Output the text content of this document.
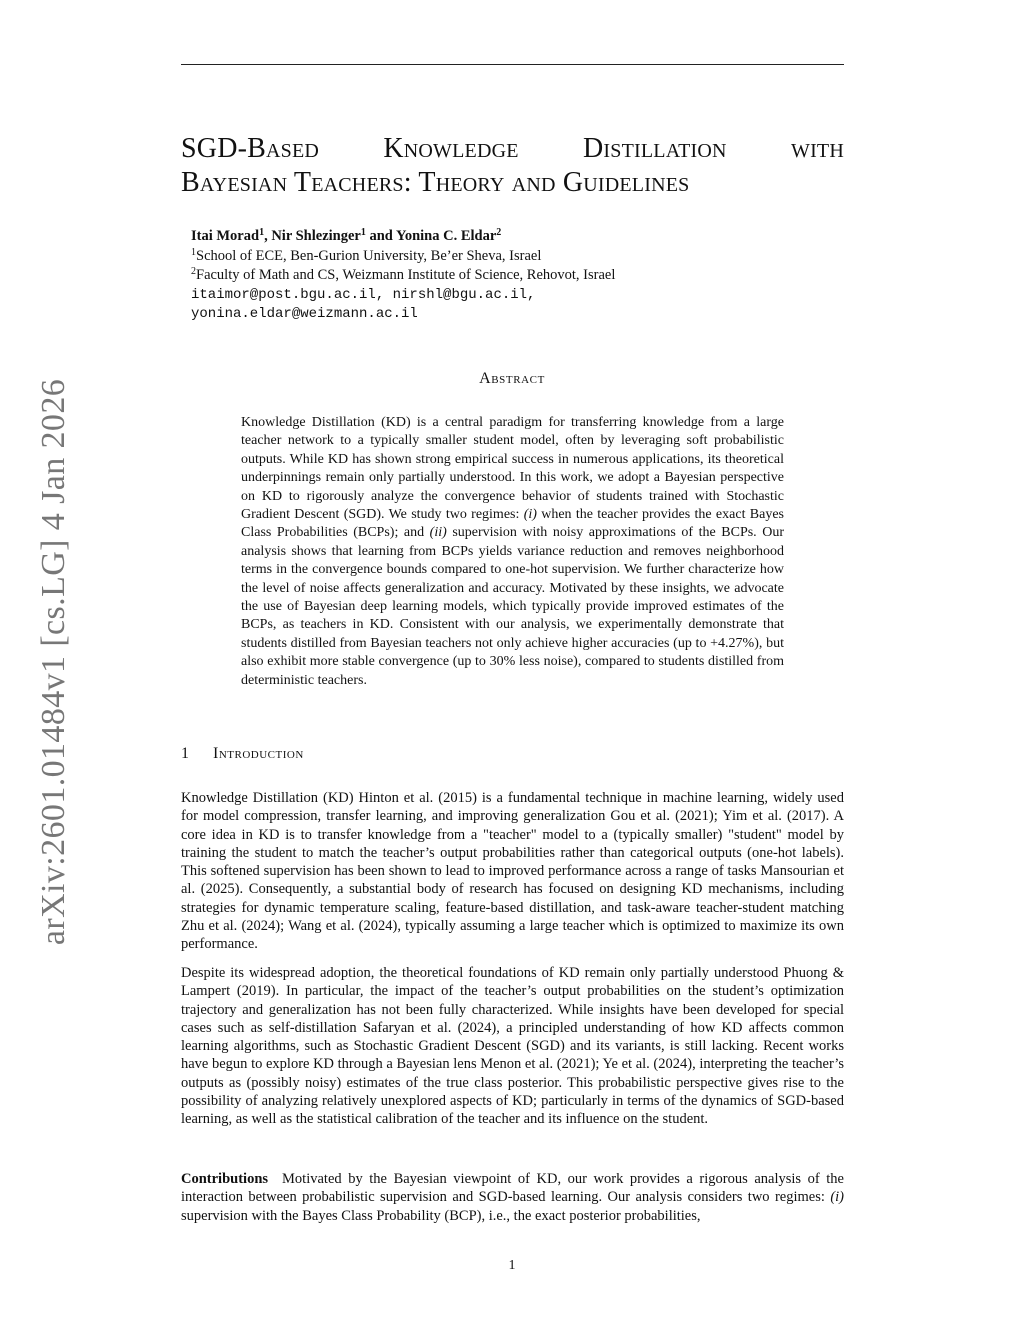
SGD-Based Knowledge Distillation with
Bayesian Teachers: Theory and Guidelines
Itai Morad$^1$, Nir Shlezinger$^1$ and Yonina C. Eldar$^2$
$^1$School of ECE, Ben-Gurion University, Be’er Sheva, Israel
$^2$Faculty of Math and CS, Weizmann Institute of Science, Rehovot, Israel
itaimor@post.bgu.ac.il, nirshl@bgu.ac.il,
yonina.eldar@weizmann.ac.il
Abstract

Knowledge Distillation (KD) is a central paradigm for transferring knowledge from a large teacher network to a typically smaller student model, often by leveraging soft probabilistic outputs. While KD has shown strong empirical success in numerous applications, its theoretical underpinnings remain only partially understood. In this work, we adopt a Bayesian perspective on KD to rigorously analyze the convergence behavior of students trained with Stochastic Gradient Descent (SGD). We study two regimes: (i) when the teacher provides the exact Bayes Class Probabilities (BCPs); and (ii) supervision with noisy approximations of the BCPs. Our analysis shows that learning from BCPs yields variance reduction and removes neighborhood terms in the convergence bounds compared to one-hot supervision. We further characterize how the level of noise affects generalization and accuracy. Motivated by these insights, we advocate the use of Bayesian deep learning models, which typically provide improved estimates of the BCPs, as teachers in KD. Consistent with our analysis, we experimentally demonstrate that students distilled from Bayesian teachers not only achieve higher accuracies (up to +4.27%), but also exhibit more stable convergence (up to 30% less noise), compared to students distilled from deterministic teachers.

1 Introduction

Knowledge Distillation (KD) Hinton et al. (2015) is a fundamental technique in machine learning, widely used for model compression, transfer learning, and improving generalization Gou et al. (2021); Yim et al. (2017). A core idea in KD is to transfer knowledge from a "teacher" model to a (typically smaller) "student" model by training the student to match the teacher’s output probabilities rather than categorical outputs (one-hot labels). This softened supervision has been shown to lead to improved performance across a range of tasks Mansourian et al. (2025). Consequently, a substantial body of research has focused on designing KD mechanisms, including strategies for dynamic temperature scaling, feature-based distillation, and task-aware teacher-student matching Zhu et al. (2024); Wang et al. (2024), typically assuming a large teacher which is optimized to maximize its own performance.

Despite its widespread adoption, the theoretical foundations of KD remain only partially understood Phuong & Lampert (2019). In particular, the impact of the teacher’s output probabilities on the student’s optimization trajectory and generalization has not been fully characterized. While insights have been developed for special cases such as self-distillation Safaryan et al. (2024), a principled understanding of how KD affects common learning algorithms, such as Stochastic Gradient Descent (SGD) and its variants, is still lacking. Recent works have begun to explore KD through a Bayesian lens Menon et al. (2021); Ye et al. (2024), interpreting the teacher’s outputs as (possibly noisy) estimates of the true class posterior. This probabilistic perspective gives rise to the possibility of analyzing relatively unexplored aspects of KD; particularly in terms of the dynamics of SGD-based learning, as well as the statistical calibration of the teacher and its influence on the student.

Contributions Motivated by the Bayesian viewpoint of KD, our work provides a rigorous analysis of the interaction between probabilistic supervision and SGD-based learning. Our analysis considers two regimes: (i) supervision with the Bayes Class Probability (BCP), i.e., the exact posterior probabilities,

arXiv:2601.01484v1 [cs.LG] 4 Jan 2026
1
